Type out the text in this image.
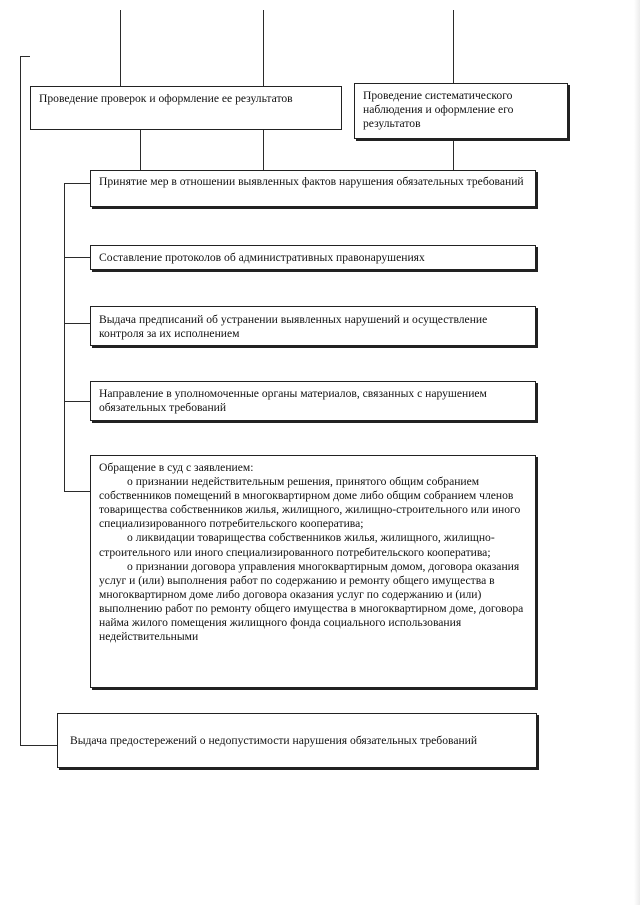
Проведение проверок и оформление ее результатов	Проведение систематического наблюдения и оформление его результатов
Принятие мер в отношении выявленных фактов нарушения обязательных требований
Составление протоколов об административных правонарушениях
Выдача предписаний об устранении выявленных нарушений и осуществление контроля за их исполнением
Направление в уполномоченные органы материалов, связанных с нарушением обязательных требований
Обращение в суд с заявлением:
о признании недействительным решения, принятого общим собранием собственников помещений в многоквартирном доме либо общим собранием членов товарищества собственников жилья, жилищного, жилищно-строительного или иного специализированного потребительского кооператива;
о ликвидации товарищества собственников жилья, жилищного, жилищно-строительного или иного специализированного потребительского кооператива;
о признании договора управления многоквартирным домом, договора оказания услуг и (или) выполнения работ по содержанию и ремонту общего имущества в многоквартирном доме либо договора оказания услуг по содержанию и (или) выполнению работ по ремонту общего имущества в многоквартирном доме, договора найма жилого помещения жилищного фонда социального использования недействительными
Выдача предостережений о недопустимости нарушения обязательных требований
